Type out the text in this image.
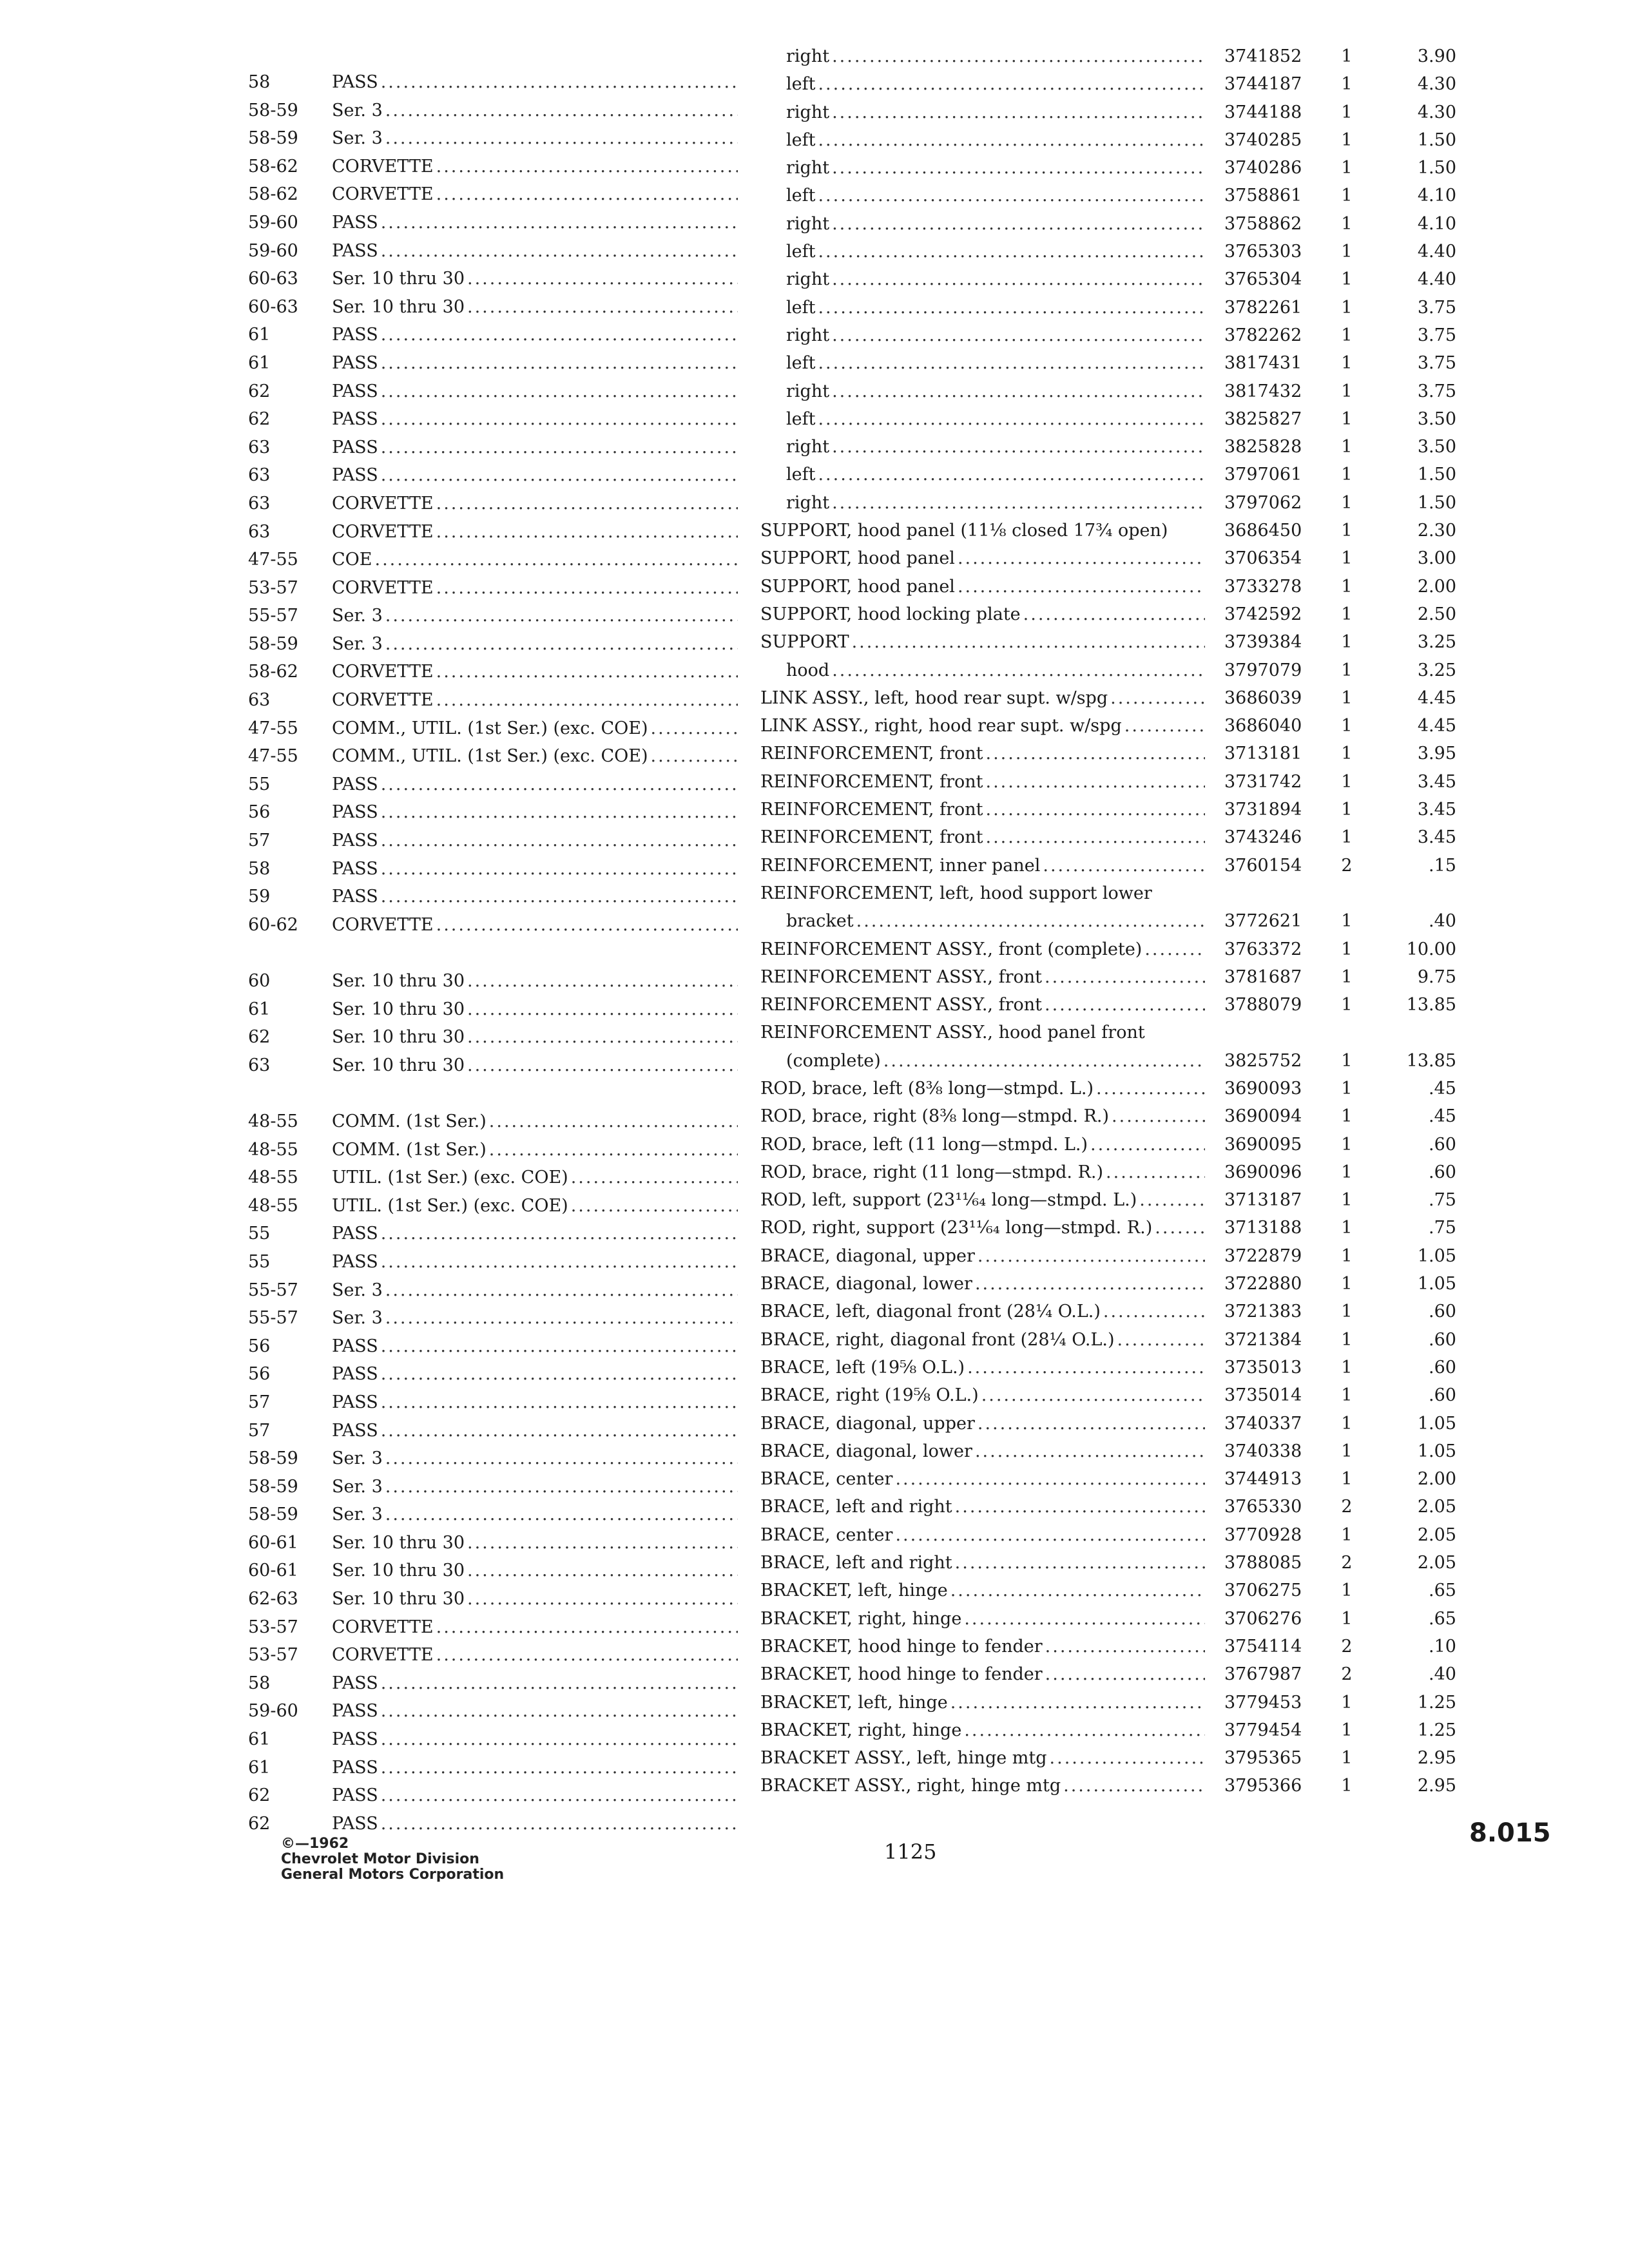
58	PASS
.....
58-59	Ser. 3
.....
58-59	Ser. 3
.....
58-62	CORVETTE
.....
58-62	CORVETTE
.....
59-60	PASS
.....
59-60	PASS
.....
60-63	Ser. 10 thru 30
.....
60-63	Ser. 10 thru 30
.....
61	PASS
.....
61	PASS
.....
62	PASS
.....
62	PASS
.....
63	PASS
.....
63	PASS
.....
63	CORVETTE
.....
63	CORVETTE
.....
47-55	COE
.....
53-57	CORVETTE
.....
55-57	Ser. 3
.....
58-59	Ser. 3
.....
58-62	CORVETTE
.....
63	CORVETTE
.....
47-55	COMM., UTIL. (1st Ser.) (exc. COE)
.....
47-55	COMM., UTIL. (1st Ser.) (exc. COE)
.....
55	PASS
.....
56	PASS
.....
57	PASS
.....
58	PASS
.....
59	PASS
.....
60-62	CORVETTE
.....
60	Ser. 10 thru 30
.....
61	Ser. 10 thru 30
.....
62	Ser. 10 thru 30
.....
63	Ser. 10 thru 30
.....
48-55	COMM. (1st Ser.)
.....
48-55	COMM. (1st Ser.)
.....
48-55	UTIL. (1st Ser.) (exc. COE)
.....
48-55	UTIL. (1st Ser.) (exc. COE)
.....
55	PASS
.....
55	PASS
.....
55-57	Ser. 3
.....
55-57	Ser. 3
.....
56	PASS
.....
56	PASS
.....
57	PASS
.....
57	PASS
.....
58-59	Ser. 3
.....
58-59	Ser. 3
.....
58-59	Ser. 3
.....
60-61	Ser. 10 thru 30
.....
60-61	Ser. 10 thru 30
.....
62-63	Ser. 10 thru 30
.....
53-57	CORVETTE
.....
53-57	CORVETTE
.....
58	PASS
.....
59-60	PASS
.....
61	PASS
.....
61	PASS
.....
62	PASS
.....
62	PASS
.....
right .....	3741852	1	3.90
left .....	3744187	1	4.30
right .....	3744188	1	4.30
left .....	3740285	1	1.50
right .....	3740286	1	1.50
left .....	3758861	1	4.10
right .....	3758862	1	4.10
left .....	3765303	1	4.40
right .....	3765304	1	4.40
left .....	3782261	1	3.75
right .....	3782262	1	3.75
left .....	3817431	1	3.75
right .....	3817432	1	3.75
left .....	3825827	1	3.50
right .....	3825828	1	3.50
left .....	3797061	1	1.50
right .....	3797062	1	1.50
SUPPORT, hood panel (11⅛ closed 17¾ open)	3686450	1	2.30
SUPPORT, hood panel .....	3706354	1	3.00
SUPPORT, hood panel .....	3733278	1	2.00
SUPPORT, hood locking plate .....	3742592	1	2.50
SUPPORT .....	3739384	1	3.25
hood .....	3797079	1	3.25
LINK ASSY., left, hood rear supt. w/spg .....	3686039	1	4.45
LINK ASSY., right, hood rear supt. w/spg .....	3686040	1	4.45
REINFORCEMENT, front .....	3713181	1	3.95
REINFORCEMENT, front .....	3731742	1	3.45
REINFORCEMENT, front .....	3731894	1	3.45
REINFORCEMENT, front .....	3743246	1	3.45
REINFORCEMENT, inner panel .....	3760154	2	.15
REINFORCEMENT, left, hood support lower
bracket .....	3772621	1	.40
REINFORCEMENT ASSY., front (complete) .....	3763372	1	10.00
REINFORCEMENT ASSY., front .....	3781687	1	9.75
REINFORCEMENT ASSY., front .....	3788079	1	13.85
REINFORCEMENT ASSY., hood panel front
(complete) .....	3825752	1	13.85
ROD, brace, left (8⅜ long—stmpd. L.) .....	3690093	1	.45
ROD, brace, right (8⅜ long—stmpd. R.) .....	3690094	1	.45
ROD, brace, left (11 long—stmpd. L.) .....	3690095	1	.60
ROD, brace, right (11 long—stmpd. R.) .....	3690096	1	.60
ROD, left, support (23¹¹⁄₆₄ long—stmpd. L.) .....	3713187	1	.75
ROD, right, support (23¹¹⁄₆₄ long—stmpd. R.) .....	3713188	1	.75
BRACE, diagonal, upper .....	3722879	1	1.05
BRACE, diagonal, lower .....	3722880	1	1.05
BRACE, left, diagonal front (28¼ O.L.) .....	3721383	1	.60
BRACE, right, diagonal front (28¼ O.L.) .....	3721384	1	.60
BRACE, left (19⅝ O.L.) .....	3735013	1	.60
BRACE, right (19⅝ O.L.) .....	3735014	1	.60
BRACE, diagonal, upper .....	3740337	1	1.05
BRACE, diagonal, lower .....	3740338	1	1.05
BRACE, center .....	3744913	1	2.00
BRACE, left and right .....	3765330	2	2.05
BRACE, center .....	3770928	1	2.05
BRACE, left and right .....	3788085	2	2.05
BRACKET, left, hinge .....	3706275	1	.65
BRACKET, right, hinge .....	3706276	1	.65
BRACKET, hood hinge to fender .....	3754114	2	.10
BRACKET, hood hinge to fender .....	3767987	2	.40
BRACKET, left, hinge .....	3779453	1	1.25
BRACKET, right, hinge .....	3779454	1	1.25
BRACKET ASSY., left, hinge mtg .....	3795365	1	2.95
BRACKET ASSY., right, hinge mtg .....	3795366	1	2.95
©—1962
Chevrolet Motor Division
General Motors Corporation
1125
8.015
